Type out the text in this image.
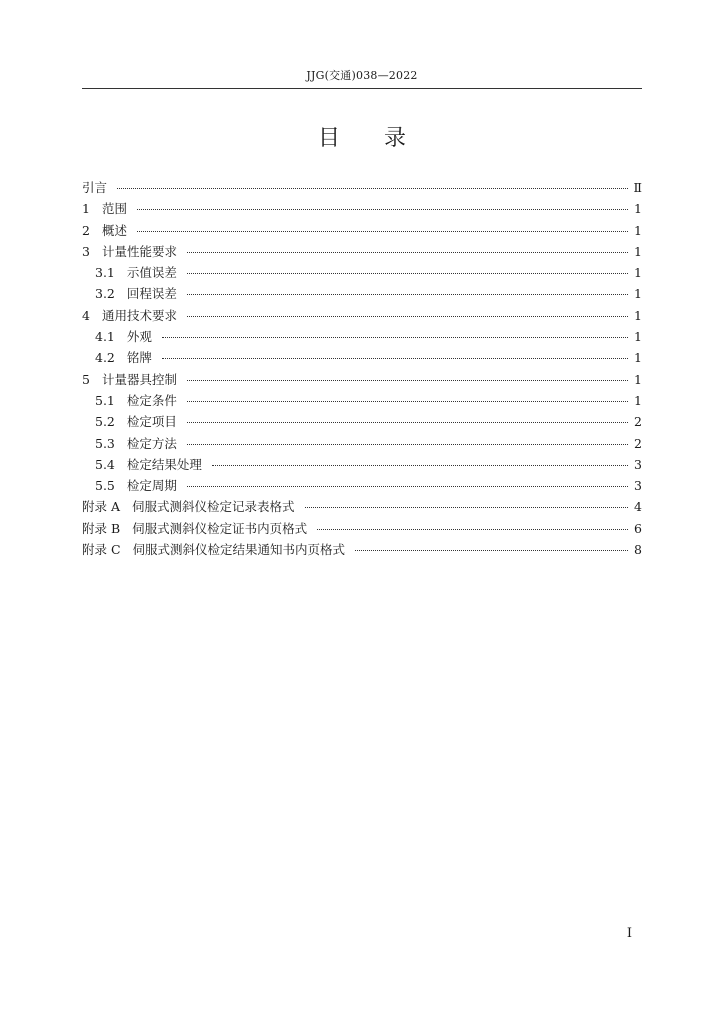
JJG(交通)038—2022
目 录
引言	Ⅱ
1 范围	1
2 概述	1
3 计量性能要求	1
3.1 示值误差	1
3.2 回程误差	1
4 通用技术要求	1
4.1 外观	1
4.2 铭牌	1
5 计量器具控制	1
5.1 检定条件	1
5.2 检定项目	2
5.3 检定方法	2
5.4 检定结果处理	3
5.5 检定周期	3
附录 A 伺服式测斜仪检定记录表格式	4
附录 B 伺服式测斜仪检定证书内页格式	6
附录 C 伺服式测斜仪检定结果通知书内页格式	8
I
